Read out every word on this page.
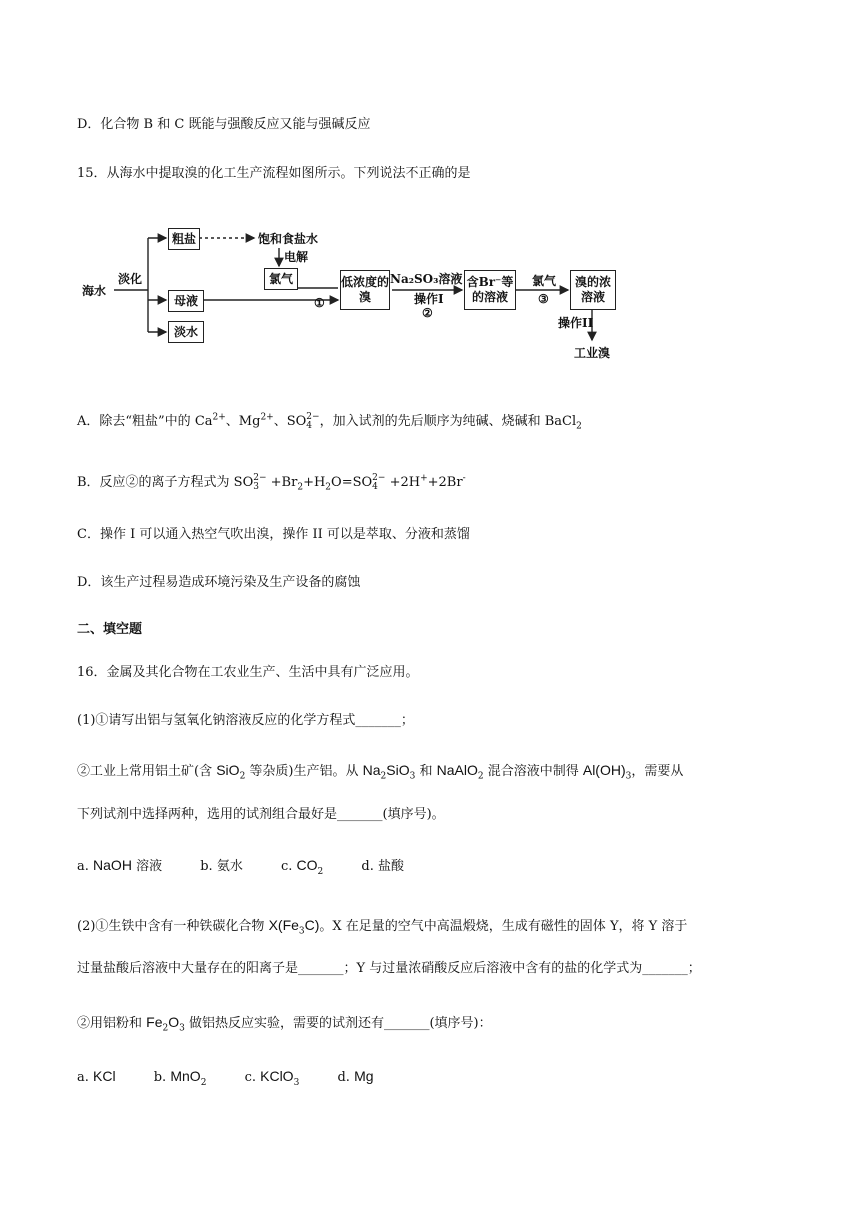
D．化合物 B 和 C 既能与强酸反应又能与强碱反应
15．从海水中提取溴的化工生产流程如图所示。下列说法不正确的是
海水
淡化
粗盐	饱和食盐水
电解
氯气
母液
淡水
①
低浓度的溴
Na₂SO₃溶液
操作I
②
含Br⁻等的溶液
氯气
③
溴的浓溶液
操作II
工业溴
A．除去“粗盐”中的 $Ca^{2+}$、$Mg^{2+}$、SO2−
4 ，加入试剂的先后顺序为纯碱、烧碱和 BaCl$_2$
B．反应②的离子方程式为 SO2−
$3 +Br_2+H_2O=SO2-$
4 +2H++2Br-
C．操作 I 可以通入热空气吹出溴，操作 II 可以是萃取、分液和蒸馏
D．该生产过程易造成环境污染及生产设备的腐蚀
二、填空题
16．金属及其化合物在工农业生产、生活中具有广泛应用。
(1)①请写出铝与氢氧化钠溶液反应的化学方程式_______；
②工业上常用铝土矿(含 SiO$_2$ 等杂质)生产铝。从 $Na_2SiO_3$ 和 NaAlO$_2$ 混合溶液中制得 $Al(OH)_3$，需要从
下列试剂中选择两种，选用的试剂组合最好是_______(填序号)。
a. NaOH 溶液	b. 氨水	c. $CO_2$	d. 盐酸
(2)①生铁中含有一种铁碳化合物 $X(Fe_3C)$。X 在足量的空气中高温煅烧，生成有磁性的固体 Y，将 Y 溶于
过量盐酸后溶液中大量存在的阳离子是_______；Y 与过量浓硝酸反应后溶液中含有的盐的化学式为_______；
②用铝粉和 $Fe_2O_3$ 做铝热反应实验，需要的试剂还有_______(填序号)：
a. KCl	b. MnO$_2$	c. KClO$_3$	d. Mg
